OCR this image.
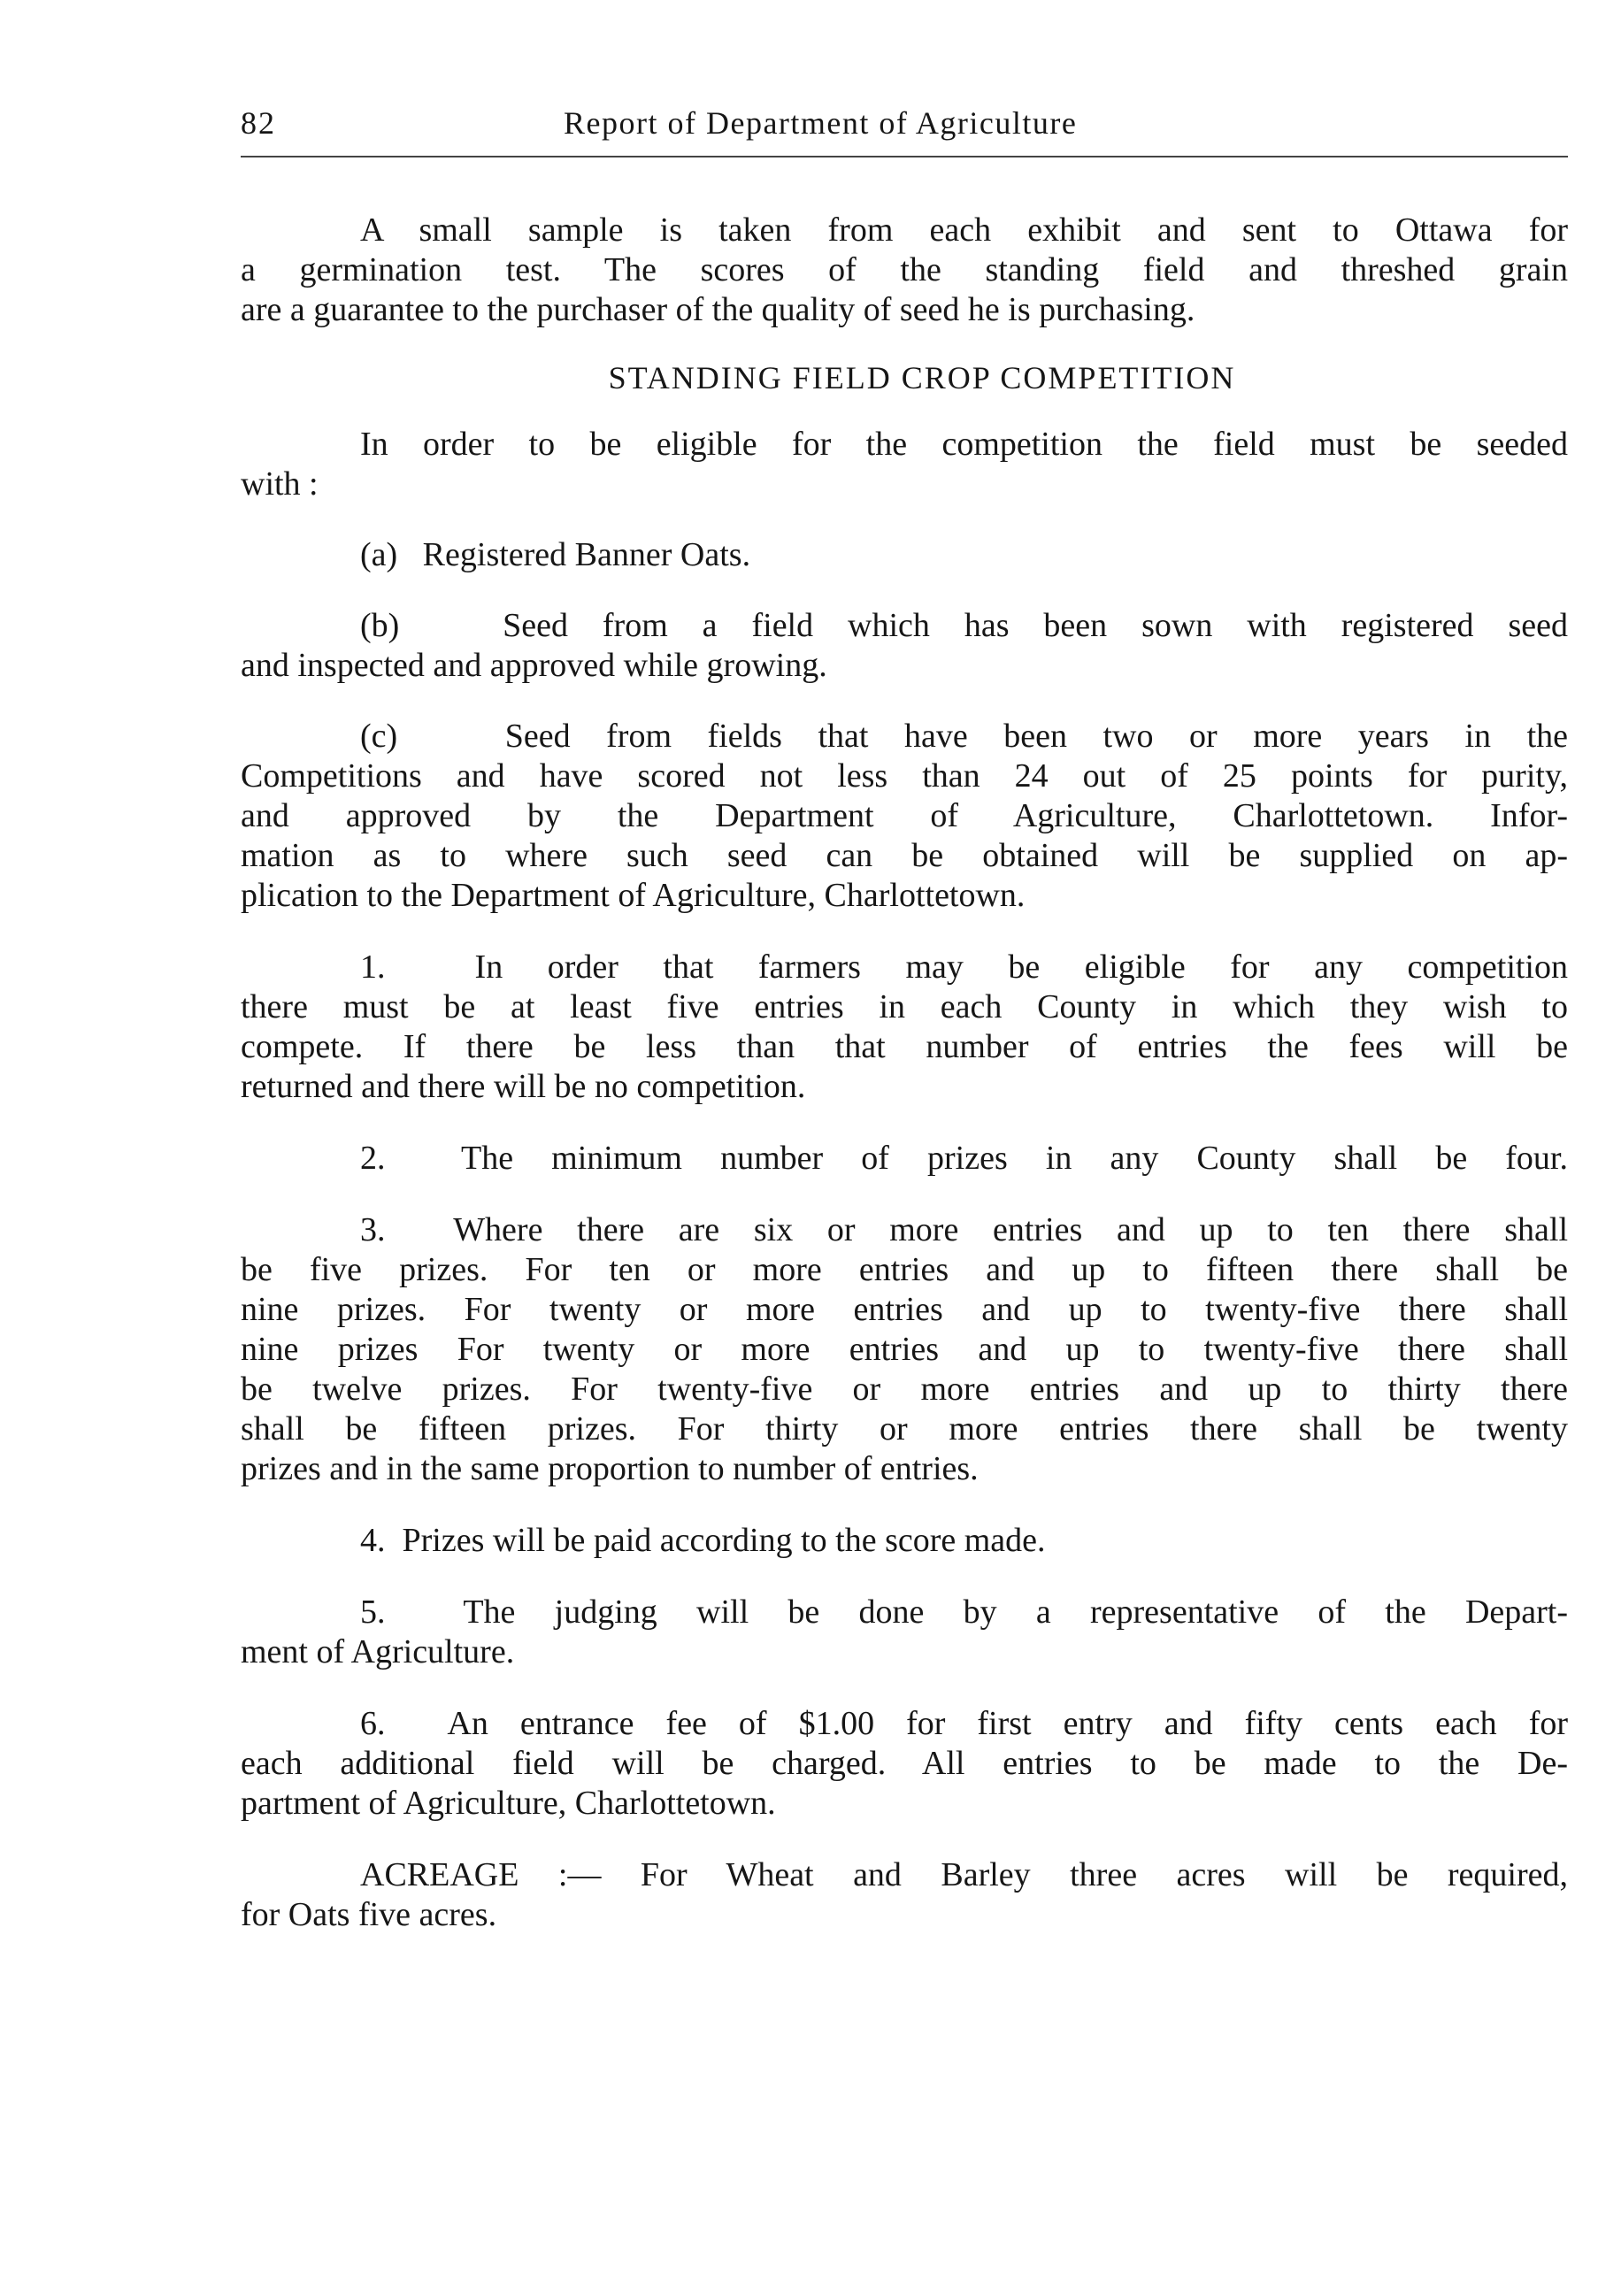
82	Report of Department of Agriculture
A small sample is taken from each exhibit and sent to Ottawa for
a germination test. The scores of the standing field and threshed grain
are a guarantee to the purchaser of the quality of seed he is purchasing.
STANDING FIELD CROP COMPETITION
In order to be eligible for the competition the field must be seeded
with :
(a)   Registered Banner Oats.
(b)   Seed from a field which has been sown with registered seed
and inspected and approved while growing.
(c)   Seed from fields that have been two or more years in the
Competitions and have scored not less than 24 out of 25 points for purity,
and approved by the Department of Agriculture, Charlottetown. Infor-
mation as to where such seed can be obtained will be supplied on ap-
plication to the Department of Agriculture, Charlottetown.
1.  In order that farmers may be eligible for any competition
there must be at least five entries in each County in which they wish to
compete. If there be less than that number of entries the fees will be
returned and there will be no competition.
2.  The minimum number of prizes in any County shall be four.
3.  Where there are six or more entries and up to ten there shall
be five prizes. For ten or more entries and up to fifteen there shall be
nine prizes. For twenty or more entries and up to twenty-five there shall
nine prizes For twenty or more entries and up to twenty-five there shall
be twelve prizes. For twenty-five or more entries and up to thirty there
shall be fifteen prizes. For thirty or more entries there shall be twenty
prizes and in the same proportion to number of entries.
4.  Prizes will be paid according to the score made.
5.  The judging will be done by a representative of the Depart-
ment of Agriculture.
6.  An entrance fee of $1.00 for first entry and fifty cents each for
each additional field will be charged. All entries to be made to the De-
partment of Agriculture, Charlottetown.
ACREAGE :— For Wheat and Barley three acres will be required,
for Oats five acres.
